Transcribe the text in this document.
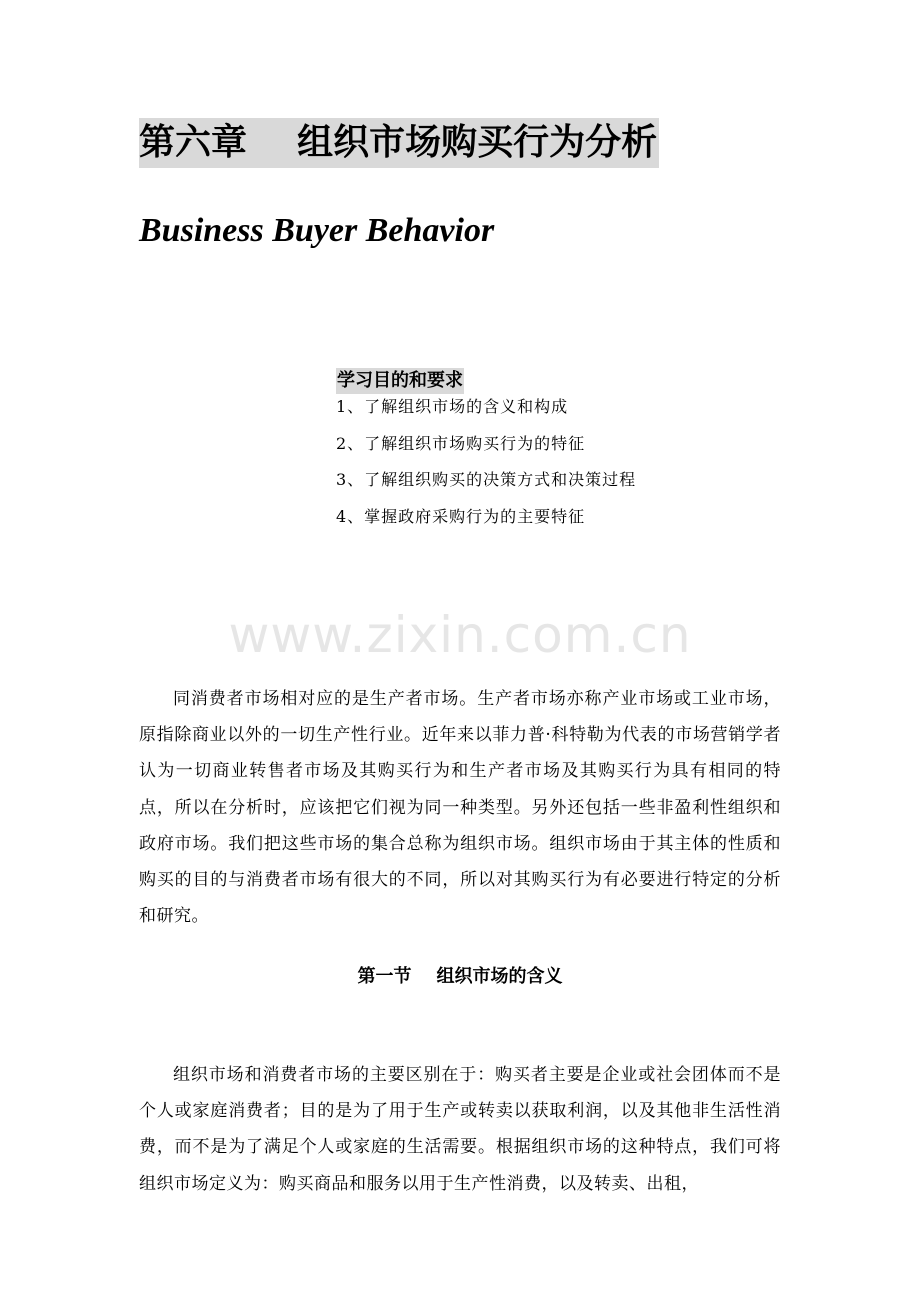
第六章    组织市场购买行为分析
Business Buyer Behavior
学习目的和要求
1、了解组织市场的含义和构成
2、了解组织市场购买行为的特征
3、了解组织购买的决策方式和决策过程
4、掌握政府采购行为的主要特征
www.zixin.com.cn

同消费者市场相对应的是生产者市场。生产者市场亦称产业市场或工业市场，原指除商业以外的一切生产性行业。近年来以菲力普·科特勒为代表的市场营销学者认为一切商业转售者市场及其购买行为和生产者市场及其购买行为具有相同的特点，所以在分析时，应该把它们视为同一种类型。另外还包括一些非盈利性组织和政府市场。我们把这些市场的集合总称为组织市场。组织市场由于其主体的性质和购买的目的与消费者市场有很大的不同，所以对其购买行为有必要进行特定的分析和研究。

第一节    组织市场的含义

组织市场和消费者市场的主要区别在于：购买者主要是企业或社会团体而不是个人或家庭消费者；目的是为了用于生产或转卖以获取利润，以及其他非生活性消费，而不是为了满足个人或家庭的生活需要。根据组织市场的这种特点，我们可将组织市场定义为：购买商品和服务以用于生产性消费，以及转卖、出租，
